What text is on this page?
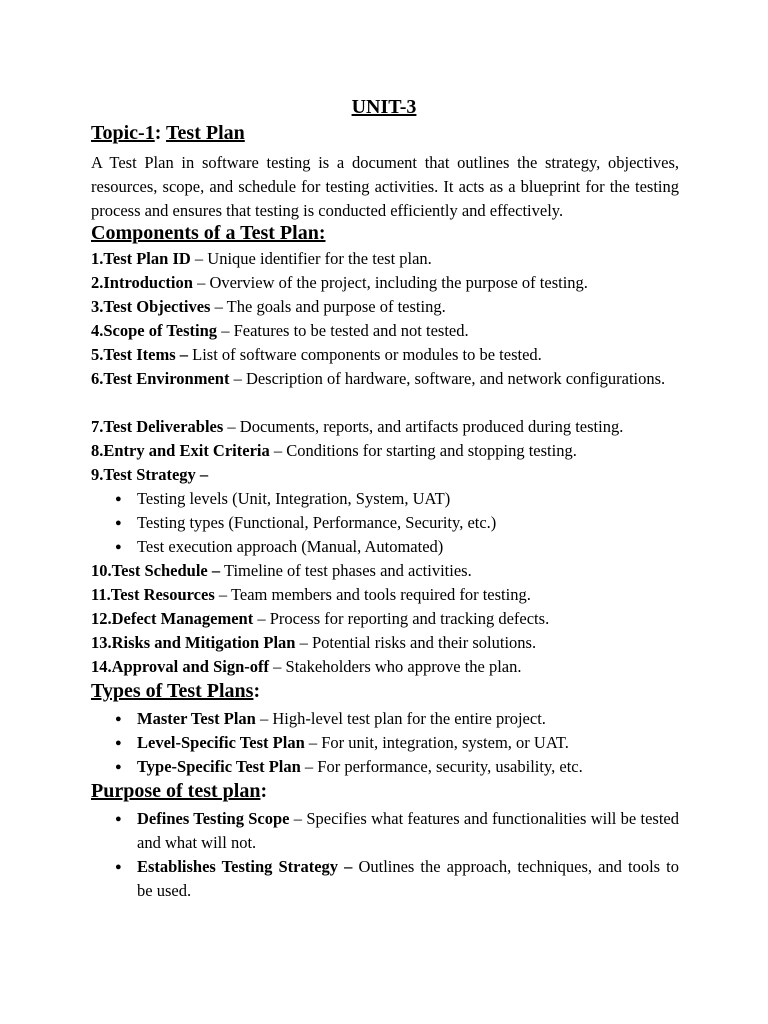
UNIT-3
Topic-1: Test Plan
A Test Plan in software testing is a document that outlines the strategy, objectives, resources, scope, and schedule for testing activities. It acts as a blueprint for the testing process and ensures that testing is conducted efficiently and effectively.
Components of a Test Plan:
1.Test Plan ID – Unique identifier for the test plan.
2.Introduction – Overview of the project, including the purpose of testing.
3.Test Objectives – The goals and purpose of testing.
4.Scope of Testing – Features to be tested and not tested.
5.Test Items – List of software components or modules to be tested.
6.Test Environment – Description of hardware, software, and network configurations.
7.Test Deliverables – Documents, reports, and artifacts produced during testing.
8.Entry and Exit Criteria – Conditions for starting and stopping testing.
9.Test Strategy –
● Testing levels (Unit, Integration, System, UAT)
● Testing types (Functional, Performance, Security, etc.)
● Test execution approach (Manual, Automated)
10.Test Schedule – Timeline of test phases and activities.
11.Test Resources – Team members and tools required for testing.
12.Defect Management – Process for reporting and tracking defects.
13.Risks and Mitigation Plan – Potential risks and their solutions.
14.Approval and Sign-off – Stakeholders who approve the plan.
Types of Test Plans:
● Master Test Plan – High-level test plan for the entire project.
● Level-Specific Test Plan – For unit, integration, system, or UAT.
● Type-Specific Test Plan – For performance, security, usability, etc.
Purpose of test plan:
● Defines Testing Scope – Specifies what features and functionalities will be tested and what will not.
● Establishes Testing Strategy – Outlines the approach, techniques, and tools to be used.
